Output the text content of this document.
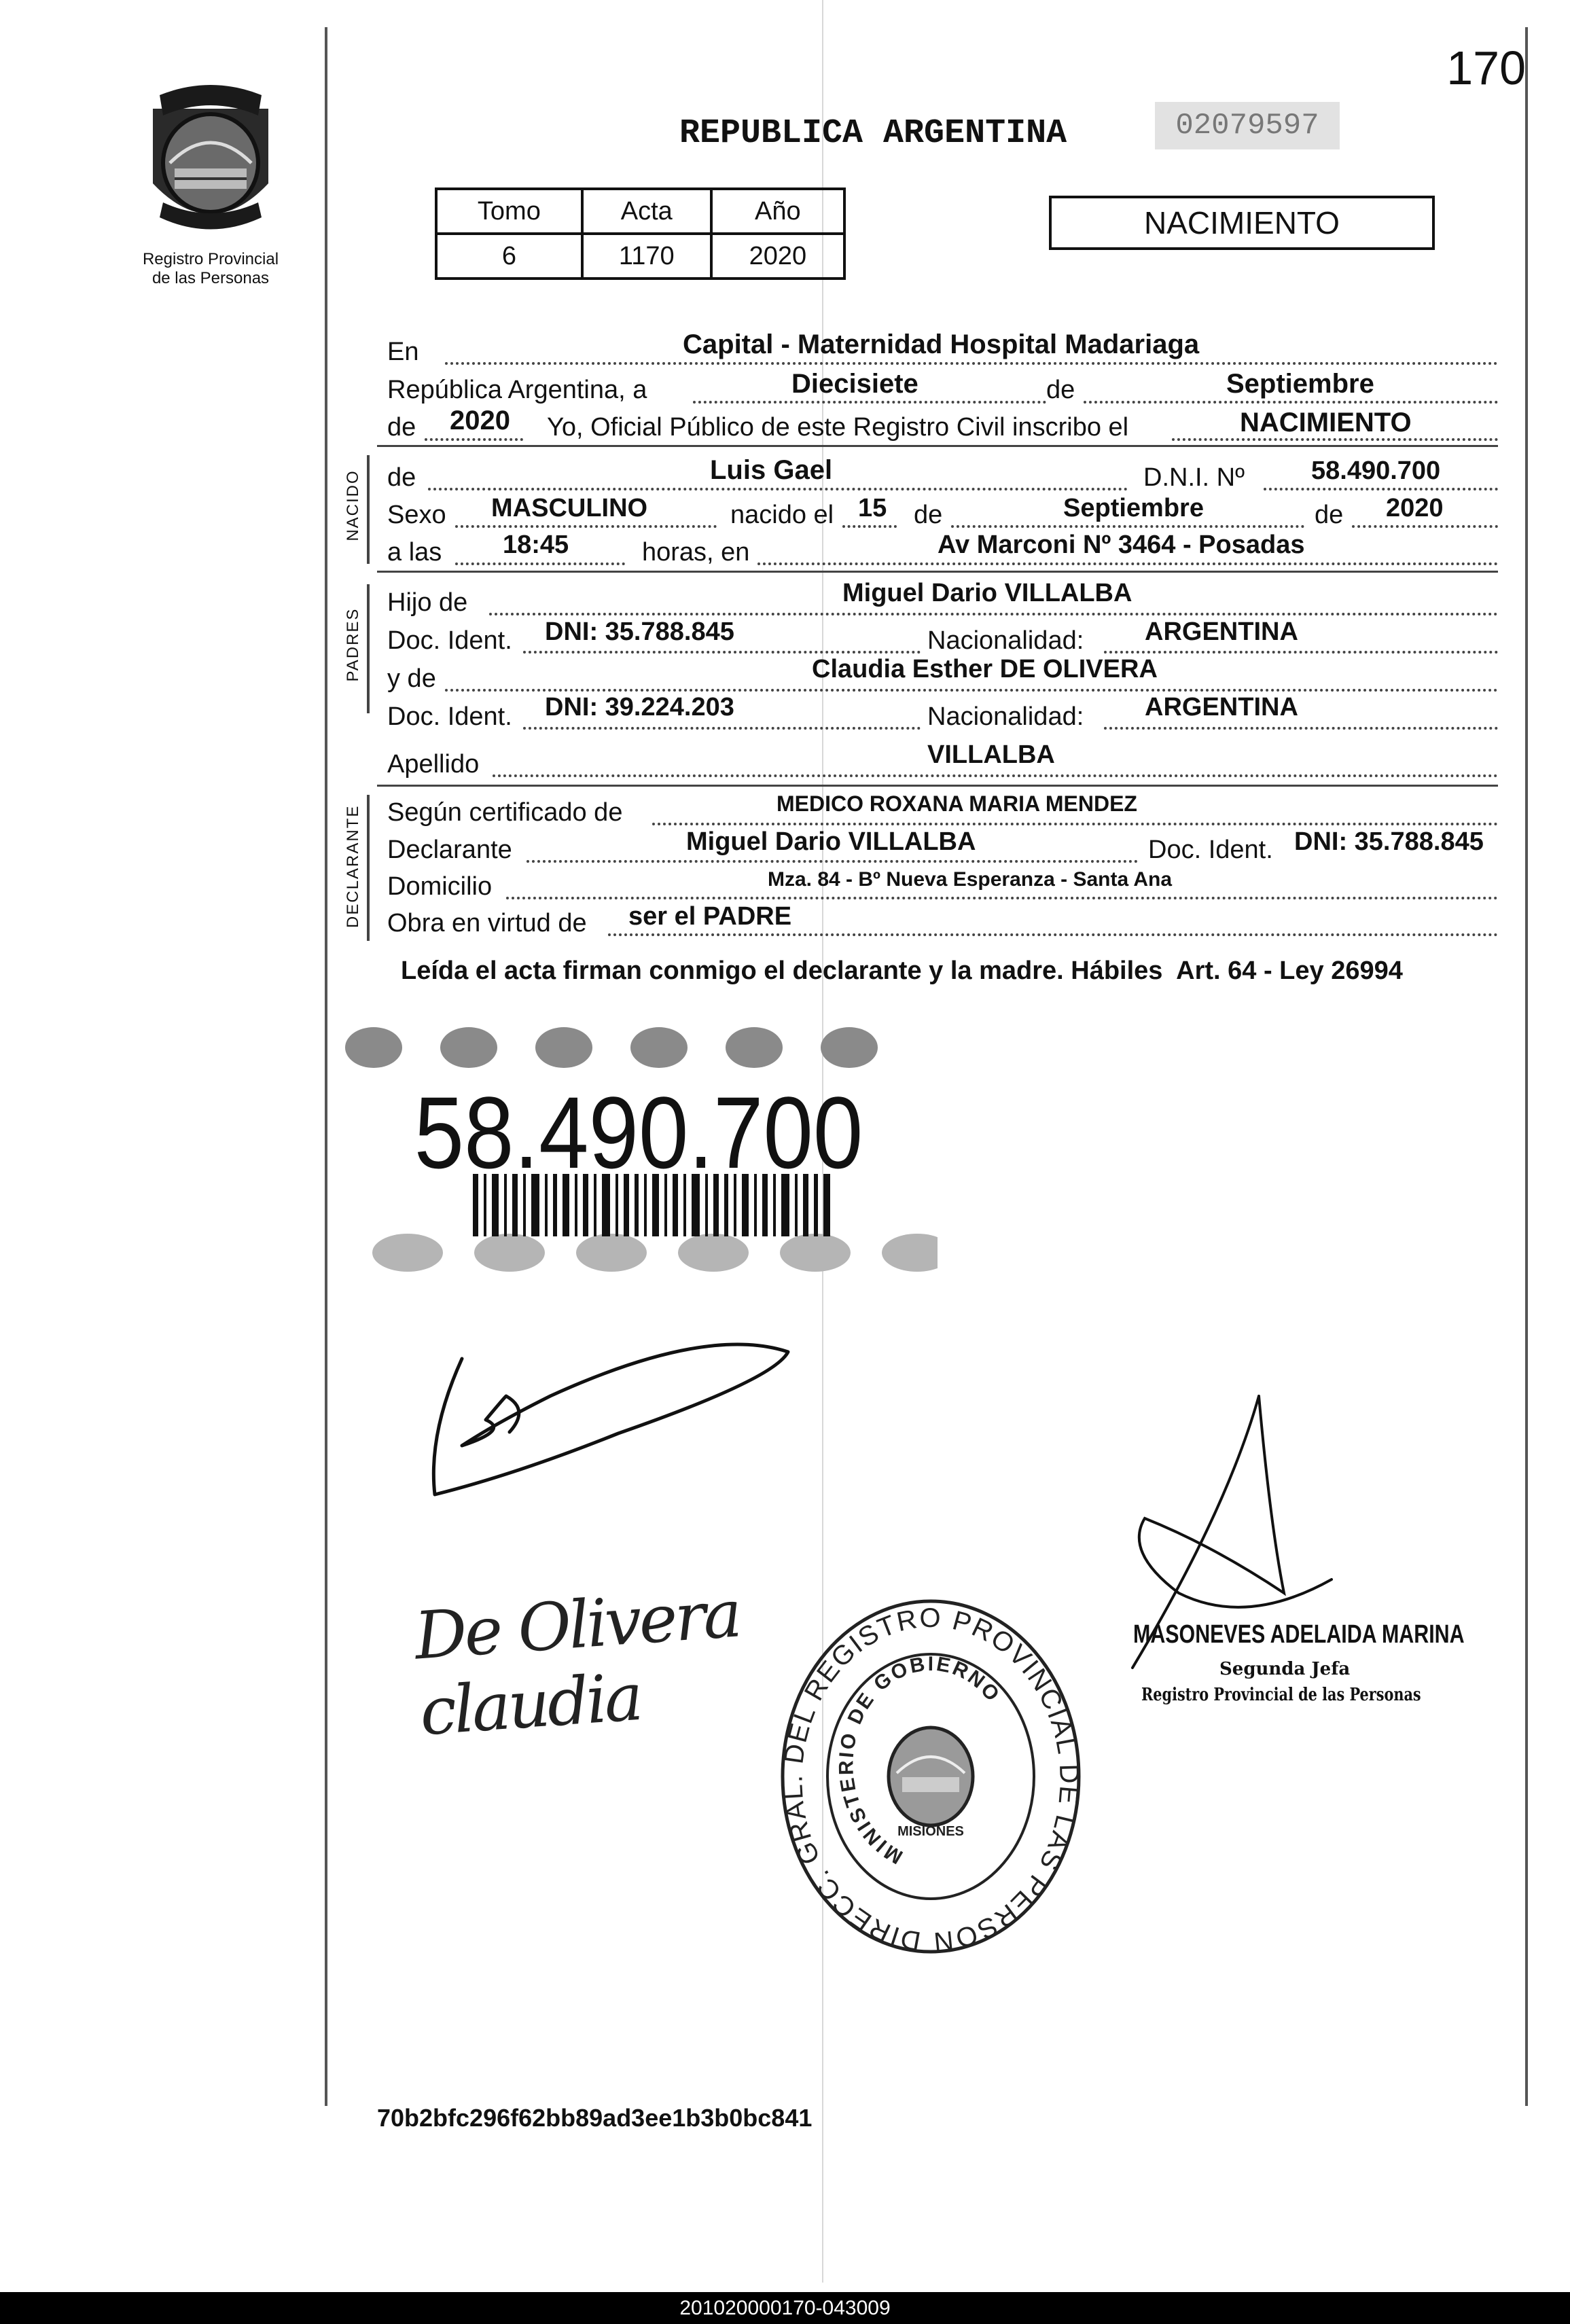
170
Registro Provincial
de las Personas
REPUBLICA ARGENTINA	02079597
Tomo	Acta	Año
6	1170	2020
NACIMIENTO
En	Capital - Maternidad Hospital Madariaga
República Argentina, a	Diecisiete	de	Septiembre
de 2020 Yo, Oficial Público de este Registro Civil inscribo el	NACIMIENTO
NACIDO de	Luis Gael	D.N.I. Nº	58.490.700
Sexo MASCULINO	nacido el 15 de	Septiembre	de 2020
a las 18:45	horas, en	Av Marconi Nº 3464 - Posadas
PADRES
Hijo de	Miguel Dario VILLALBA
Doc. Ident. DNI: 35.788.845	Nacionalidad: ARGENTINA
y de	Claudia Esther DE OLIVERA
Doc. Ident. DNI: 39.224.203	Nacionalidad: ARGENTINA
Apellido	VILLALBA
DECLARANTE Según certificado de	MEDICO ROXANA MARIA MENDEZ
Declarante	Miguel Dario VILLALBA	Doc. Ident. DNI: 35.788.845
Domicilio	Mza. 84 - Bº Nueva Esperanza - Santa Ana
Obra en virtud de ser el PADRE
Leída el acta firman conmigo el declarante y la madre. Hábiles  Art. 64 - Ley 26994
58.490.700
De Olivera claudia
DIRECC. GRAL. DEL REGISTRO PROVINCIAL DE LAS PERSON
MINISTERIO DE GOBIERNO
MISIONES
MASONEVES ADELAIDA MARINA
Segunda Jefa
Registro Provincial de las Personas
70b2bfc296f62bb89ad3ee1b3b0bc841
201020000170-043009
